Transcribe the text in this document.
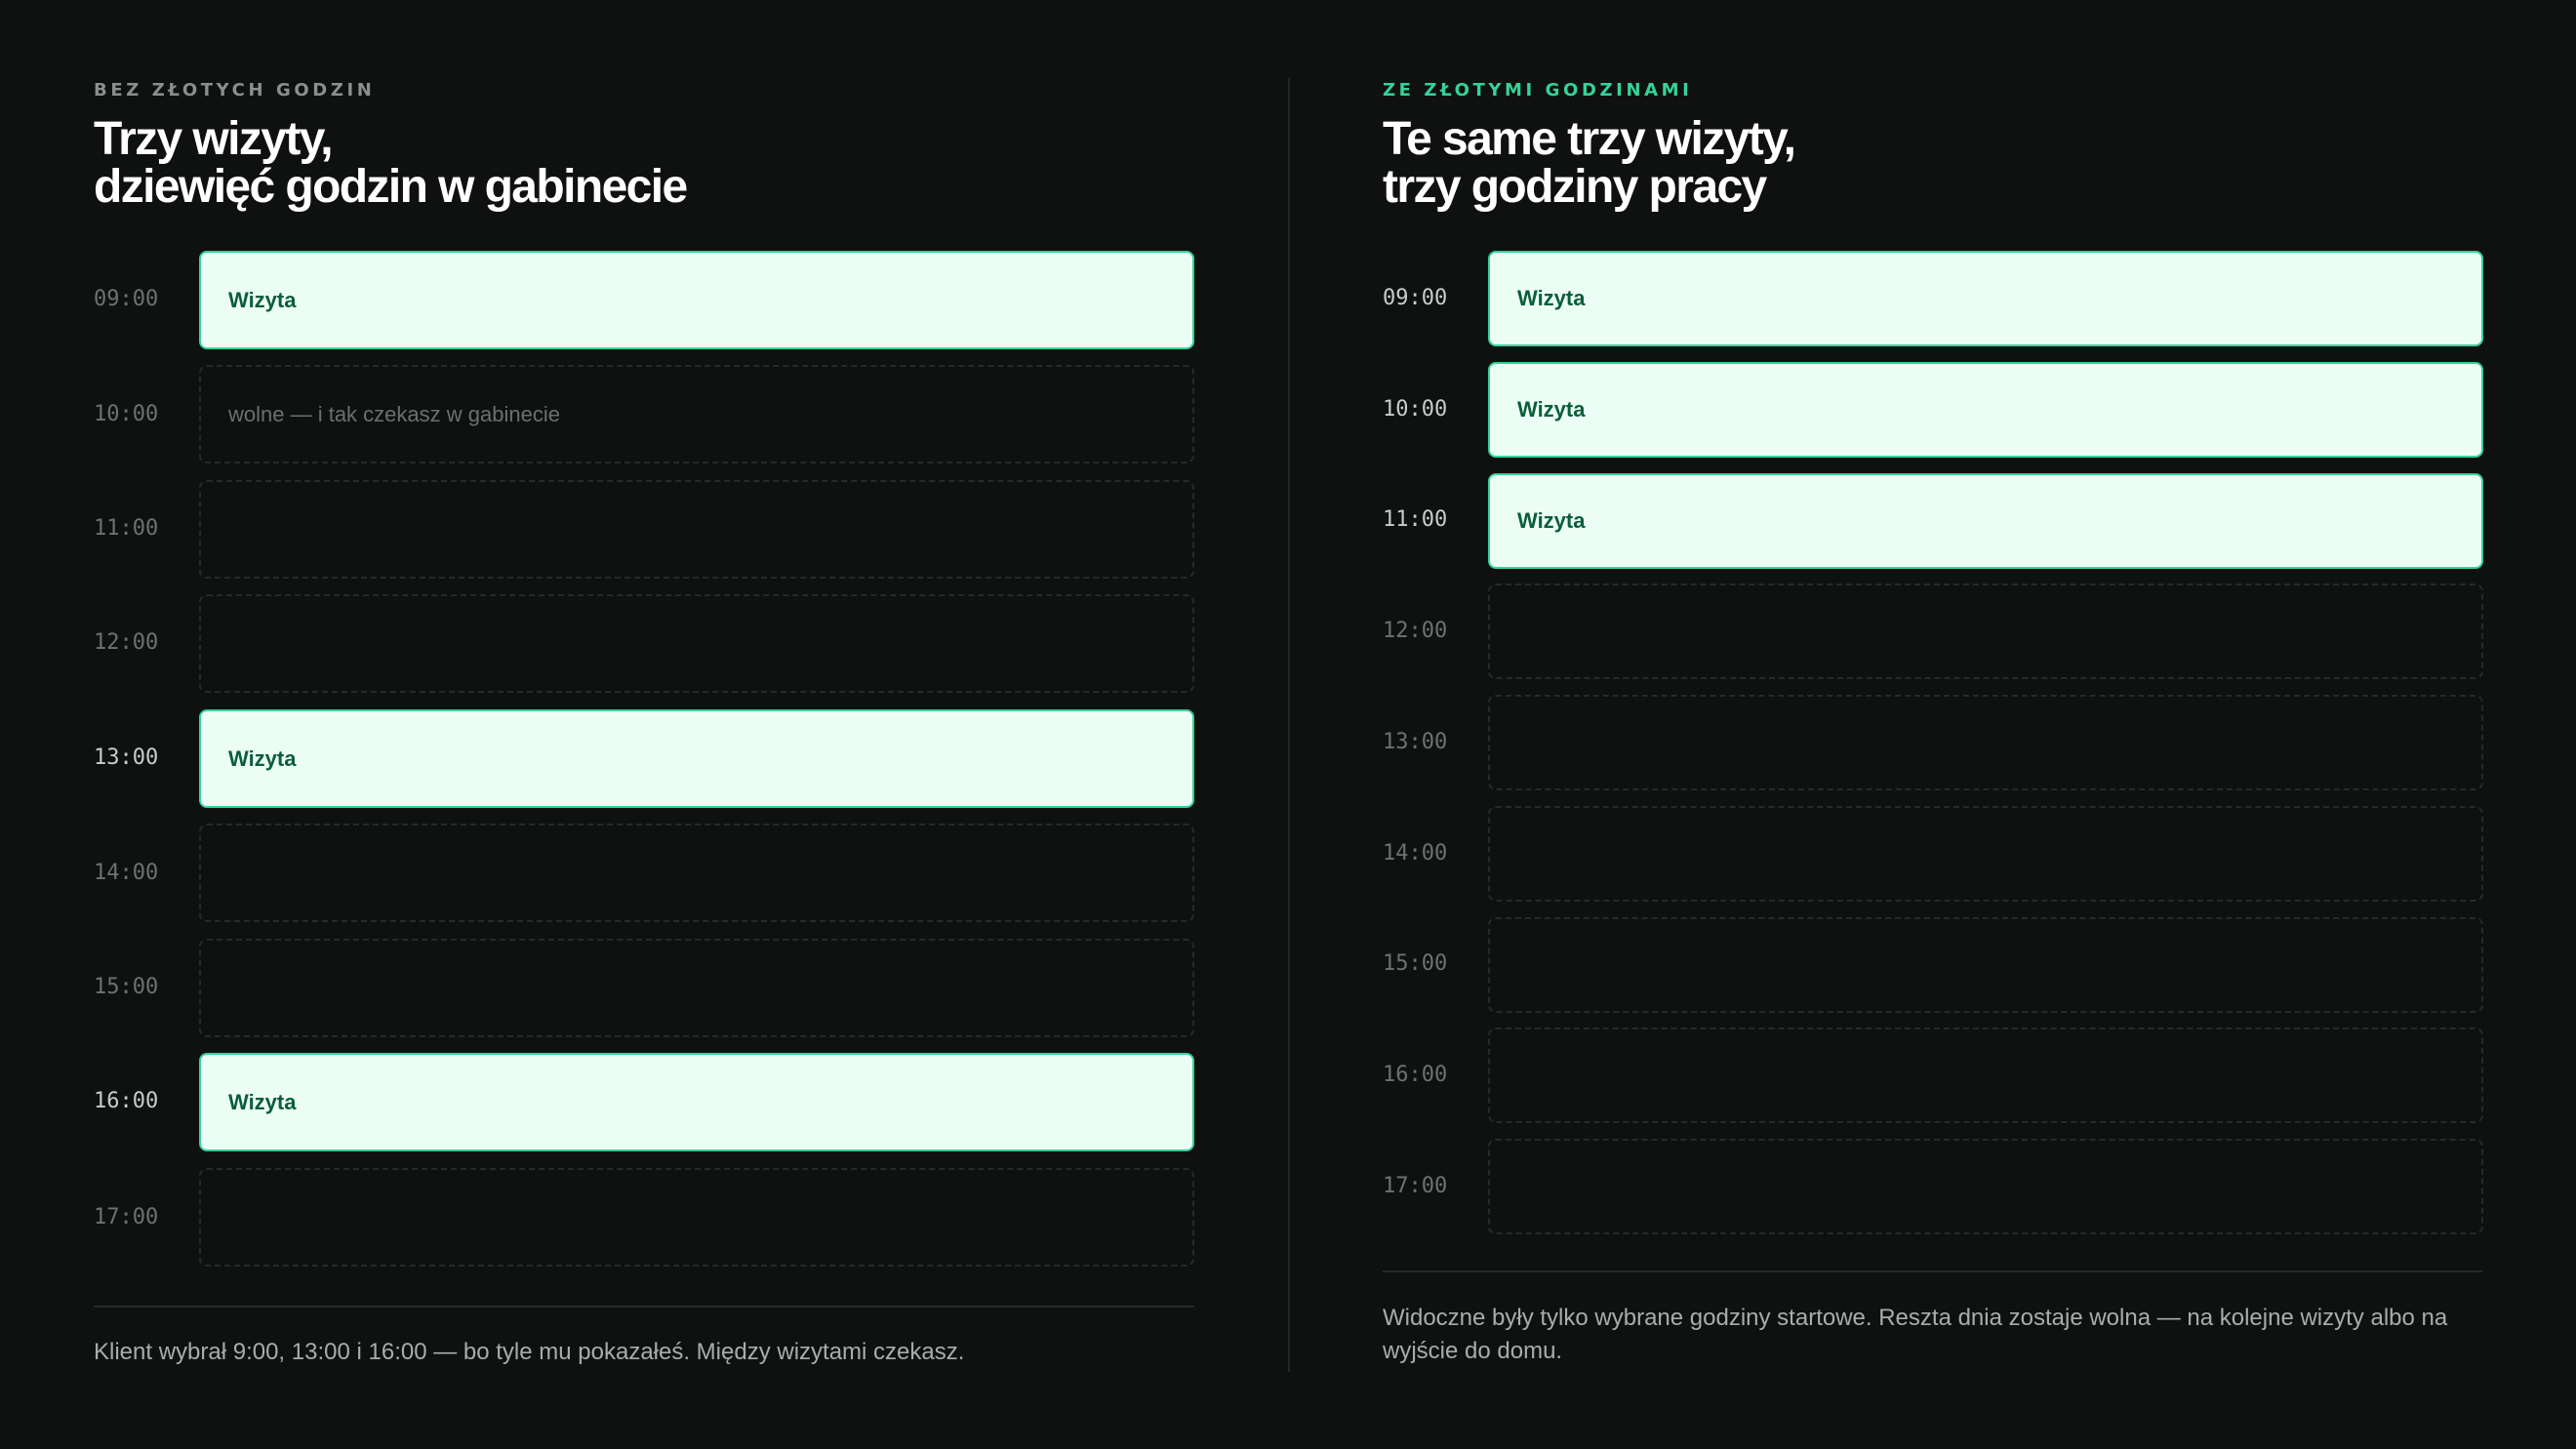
BEZ ZŁOTYCH GODZIN
Trzy wizyty,
dziewięć godzin w gabinecie
09:00	Wizyta
10:00	wolne — i tak czekasz w gabinecie
11:00
12:00
13:00	Wizyta
14:00
15:00
16:00	Wizyta
17:00

Klient wybrał 9:00, 13:00 i 16:00 — bo tyle mu pokazałeś. Między wizytami czekasz.

ZE ZŁOTYMI GODZINAMI
Te same trzy wizyty,
trzy godziny pracy
09:00	Wizyta
10:00	Wizyta
11:00	Wizyta
12:00
13:00
14:00
15:00
16:00
17:00

Widoczne były tylko wybrane godziny startowe. Reszta dnia zostaje wolna — na kolejne wizyty albo na wyjście do domu.
